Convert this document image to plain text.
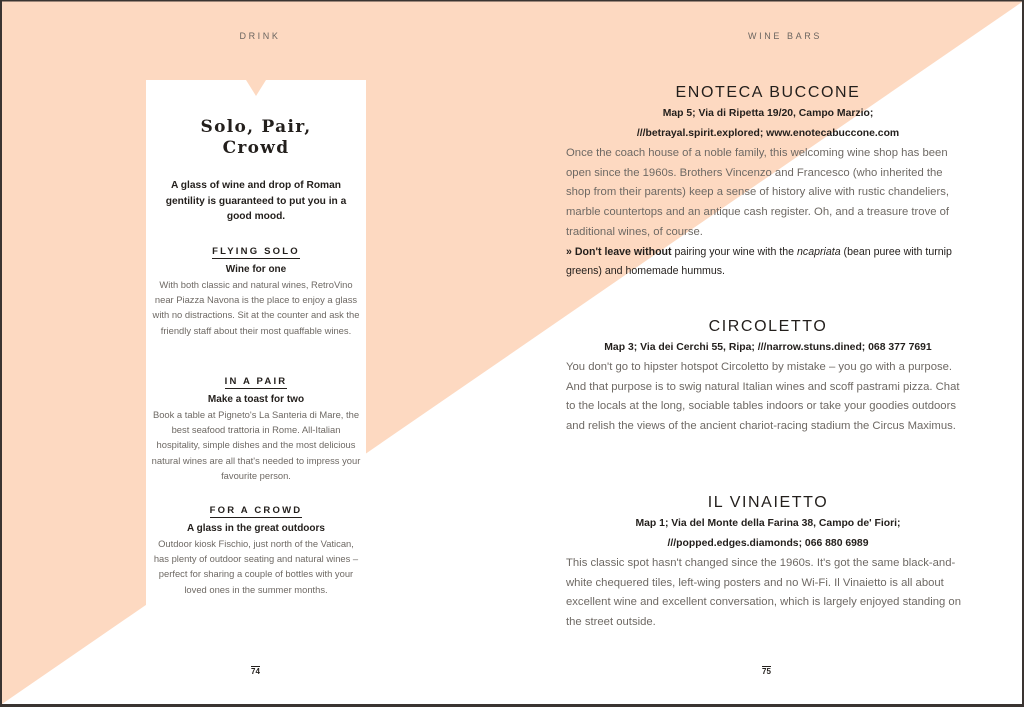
DRINK	WINE BARS
Solo, Pair, Crowd
A glass of wine and drop of Roman gentility is guaranteed to put you in a good mood.
FLYING SOLO
Wine for one
With both classic and natural wines, RetroVino near Piazza Navona is the place to enjoy a glass with no distractions. Sit at the counter and ask the friendly staff about their most quaffable wines.
IN A PAIR
Make a toast for two
Book a table at Pigneto's La Santeria di Mare, the best seafood trattoria in Rome. All-Italian hospitality, simple dishes and the most delicious natural wines are all that's needed to impress your favourite person.
FOR A CROWD
A glass in the great outdoors
Outdoor kiosk Fischio, just north of the Vatican, has plenty of outdoor seating and natural wines – perfect for sharing a couple of bottles with your loved ones in the summer months.
ENOTECA BUCCONE
Map 5; Via di Ripetta 19/20, Campo Marzio;
///betrayal.spirit.explored; www.enotecabuccone.com
Once the coach house of a noble family, this welcoming wine shop has been open since the 1960s. Brothers Vincenzo and Francesco (who inherited the shop from their parents) keep a sense of history alive with rustic chandeliers, marble countertops and an antique cash register. Oh, and a treasure trove of traditional wines, of course.
» Don't leave without pairing your wine with the ncapriata (bean puree with turnip greens) and homemade hummus.
CIRCOLETTO
Map 3; Via dei Cerchi 55, Ripa; ///narrow.stuns.dined; 068 377 7691
You don't go to hipster hotspot Circoletto by mistake – you go with a purpose. And that purpose is to swig natural Italian wines and scoff pastrami pizza. Chat to the locals at the long, sociable tables indoors or take your goodies outdoors and relish the views of the ancient chariot-racing stadium the Circus Maximus.
IL VINAIETTO
Map 1; Via del Monte della Farina 38, Campo de' Fiori;
///popped.edges.diamonds; 066 880 6989
This classic spot hasn't changed since the 1960s. It's got the same black-and-white chequered tiles, left-wing posters and no Wi-Fi. Il Vinaietto is all about excellent wine and excellent conversation, which is largely enjoyed standing on the street outside.
74	75
